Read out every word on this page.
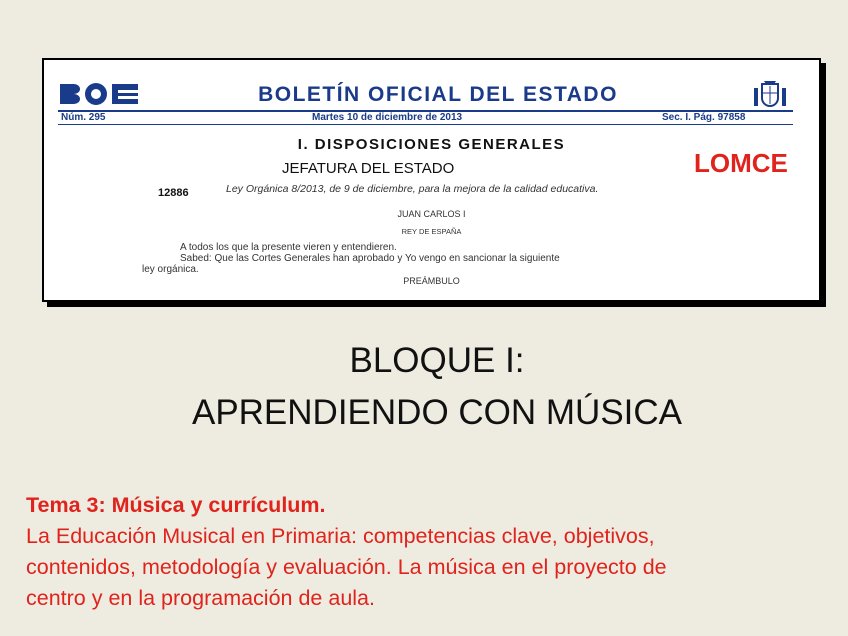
BOLETÍN OFICIAL DEL ESTADO
Núm. 295	Martes 10 de diciembre de 2013	Sec. I. Pág. 97858
I. DISPOSICIONES GENERALES
JEFATURA DEL ESTADO	LOMCE
12886	Ley Orgánica 8/2013, de 9 de diciembre, para la mejora de la calidad educativa.
JUAN CARLOS I
REY DE ESPAÑA
A todos los que la presente vieren y entendieren.
Sabed: Que las Cortes Generales han aprobado y Yo vengo en sancionar la siguiente
ley orgánica.
PREÁMBULO
BLOQUE I:
APRENDIENDO CON MÚSICA
Tema 3: Música y currículum.
La Educación Musical en Primaria: competencias clave, objetivos,
contenidos, metodología y evaluación. La música en el proyecto de
centro y en la programación de aula.
